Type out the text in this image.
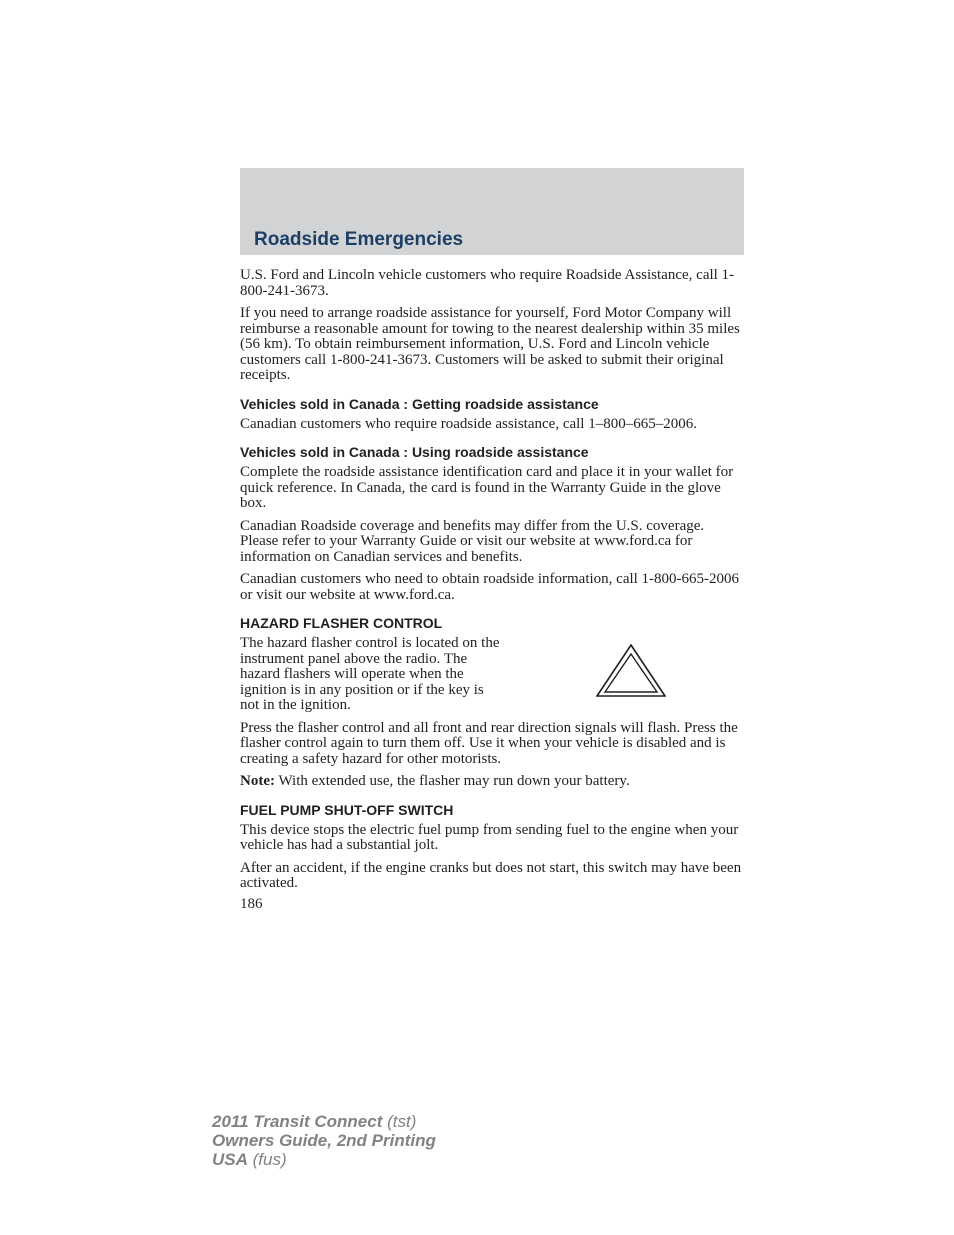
Roadside Emergencies

U.S. Ford and Lincoln vehicle customers who require Roadside Assistance, call 1-800-241-3673.

If you need to arrange roadside assistance for yourself, Ford Motor Company will reimburse a reasonable amount for towing to the nearest dealership within 35 miles (56 km). To obtain reimbursement information, U.S. Ford and Lincoln vehicle customers call 1-800-241-3673. Customers will be asked to submit their original receipts.

Vehicles sold in Canada : Getting roadside assistance

Canadian customers who require roadside assistance, call 1–800–665–2006.

Vehicles sold in Canada : Using roadside assistance

Complete the roadside assistance identification card and place it in your wallet for quick reference. In Canada, the card is found in the Warranty Guide in the glove box.

Canadian Roadside coverage and benefits may differ from the U.S. coverage. Please refer to your Warranty Guide or visit our website at www.ford.ca for information on Canadian services and benefits.

Canadian customers who need to obtain roadside information, call 1-800-665-2006 or visit our website at www.ford.ca.

HAZARD FLASHER CONTROL

The hazard flasher control is located on the instrument panel above the radio. The hazard flashers will operate when the ignition is in any position or if the key is not in the ignition.

Press the flasher control and all front and rear direction signals will flash. Press the flasher control again to turn them off. Use it when your vehicle is disabled and is creating a safety hazard for other motorists.

Note: With extended use, the flasher may run down your battery.

FUEL PUMP SHUT-OFF SWITCH

This device stops the electric fuel pump from sending fuel to the engine when your vehicle has had a substantial jolt.

After an accident, if the engine cranks but does not start, this switch may have been activated.

186
2011 Transit Connect (tst)
Owners Guide, 2nd Printing
USA (fus)
